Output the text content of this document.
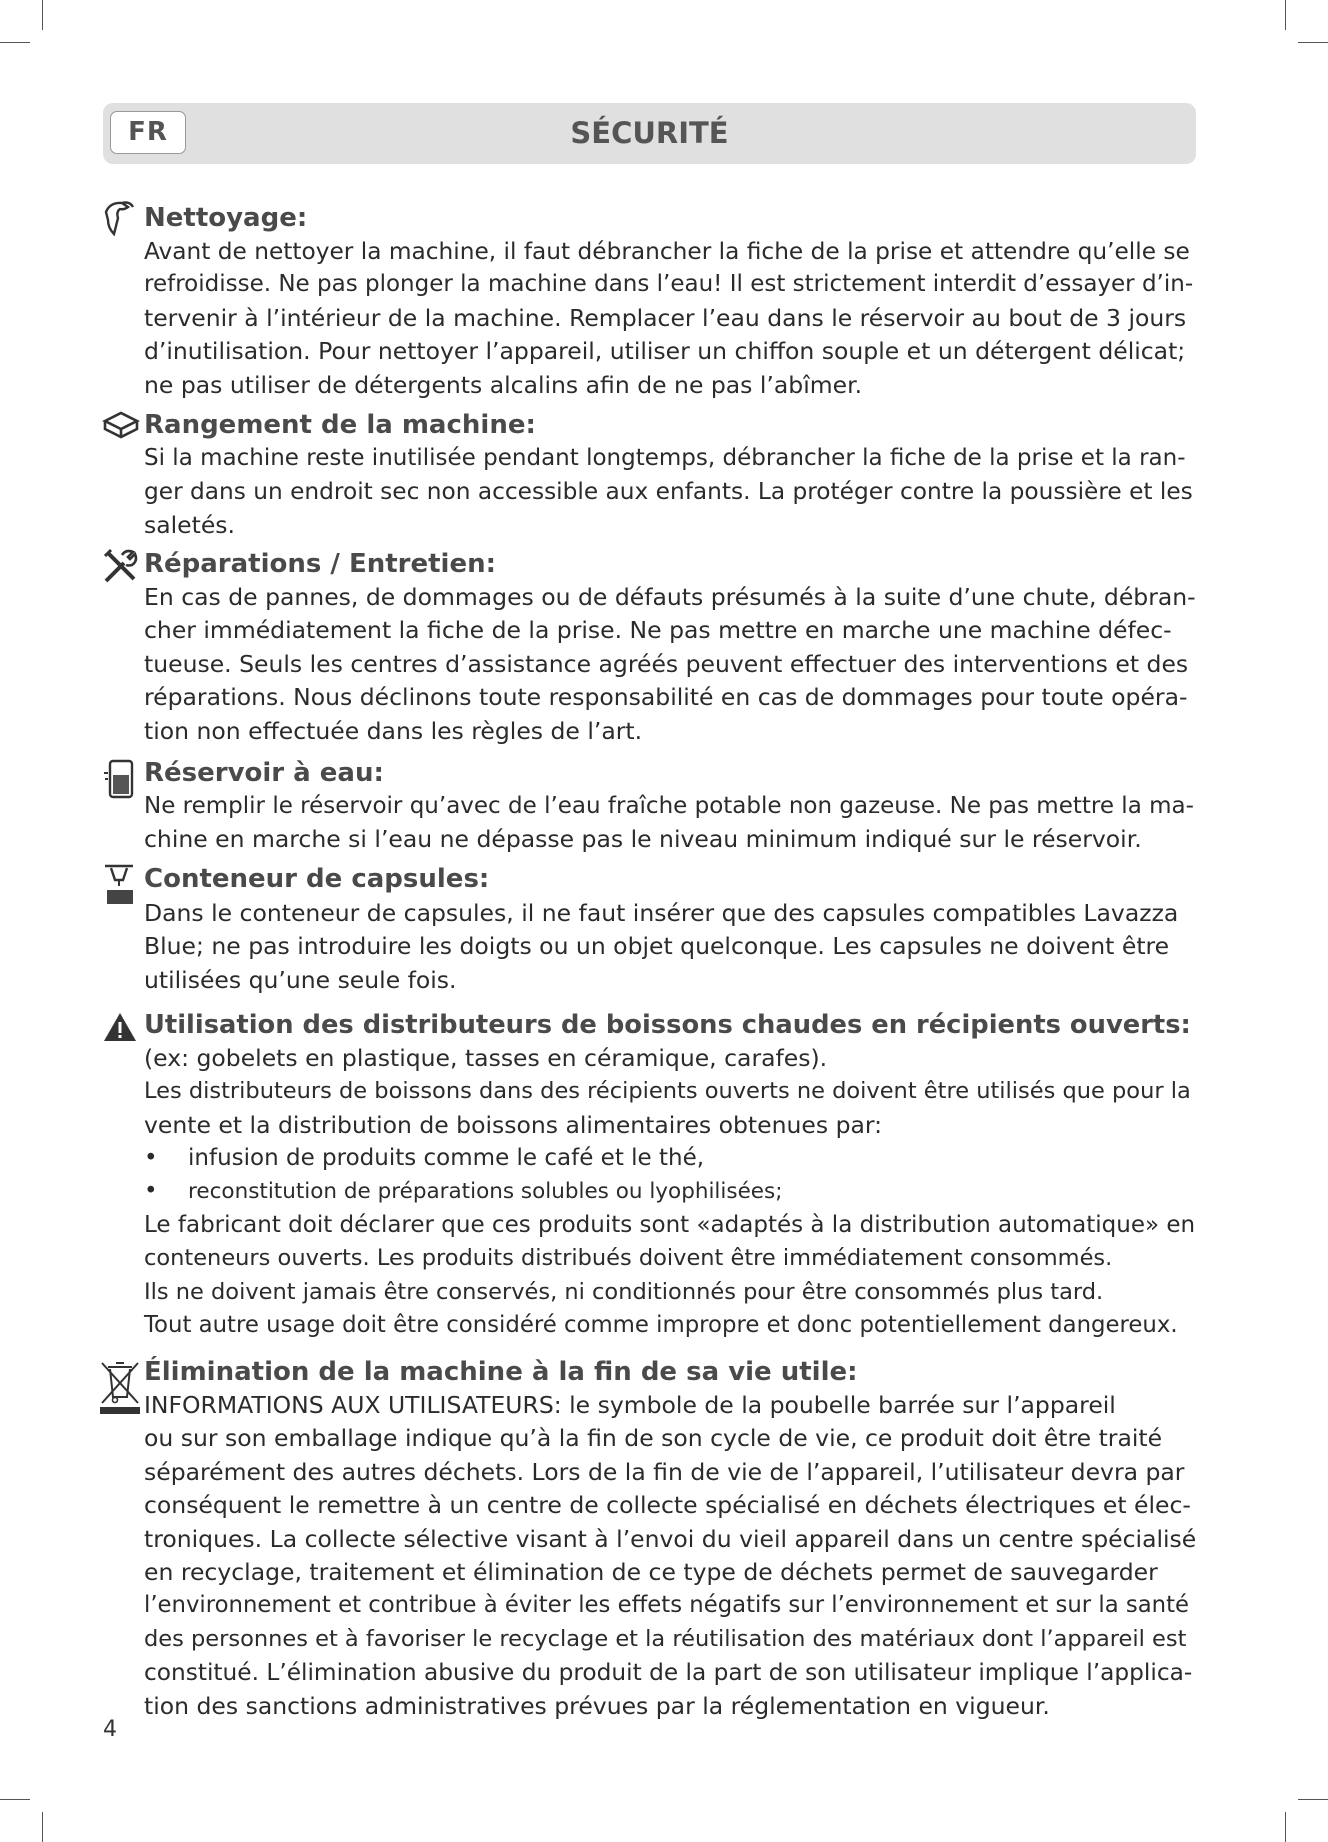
SÉCURITÉ
FR
Nettoyage:
Avant de nettoyer la machine, il faut débrancher la fiche de la prise et attendre qu’elle se
refroidisse. Ne pas plonger la machine dans l’eau! Il est strictement interdit d’essayer d’in-
tervenir à l’intérieur de la machine. Remplacer l’eau dans le réservoir au bout de 3 jours
d’inutilisation. Pour nettoyer l’appareil, utiliser un chiffon souple et un détergent délicat;
ne pas utiliser de détergents alcalins afin de ne pas l’abîmer.
Rangement de la machine:
Si la machine reste inutilisée pendant longtemps, débrancher la fiche de la prise et la ran-
ger dans un endroit sec non accessible aux enfants. La protéger contre la poussière et les
saletés.
Réparations / Entretien:
En cas de pannes, de dommages ou de défauts présumés à la suite d’une chute, débran-
cher immédiatement la fiche de la prise. Ne pas mettre en marche une machine défec-
tueuse. Seuls les centres d’assistance agréés peuvent effectuer des interventions et des
réparations. Nous déclinons toute responsabilité en cas de dommages pour toute opéra-
tion non effectuée dans les règles de l’art.
Réservoir à eau:
Ne remplir le réservoir qu’avec de l’eau fraîche potable non gazeuse. Ne pas mettre la ma-
chine en marche si l’eau ne dépasse pas le niveau minimum indiqué sur le réservoir.
Conteneur de capsules:
Dans le conteneur de capsules, il ne faut insérer que des capsules compatibles Lavazza
Blue; ne pas introduire les doigts ou un objet quelconque. Les capsules ne doivent être
utilisées qu’une seule fois.
Utilisation des distributeurs de boissons chaudes en récipients ouverts:
(ex: gobelets en plastique, tasses en céramique, carafes).
Les distributeurs de boissons dans des récipients ouverts ne doivent être utilisés que pour la
vente et la distribution de boissons alimentaires obtenues par:
• infusion de produits comme le café et le thé,
• reconstitution de préparations solubles ou lyophilisées;
Le fabricant doit déclarer que ces produits sont «adaptés à la distribution automatique» en
conteneurs ouverts. Les produits distribués doivent être immédiatement consommés.
Ils ne doivent jamais être conservés, ni conditionnés pour être consommés plus tard.
Tout autre usage doit être considéré comme impropre et donc potentiellement dangereux.
Élimination de la machine à la fin de sa vie utile:
INFORMATIONS AUX UTILISATEURS: le symbole de la poubelle barrée sur l’appareil
ou sur son emballage indique qu’à la fin de son cycle de vie, ce produit doit être traité
séparément des autres déchets. Lors de la fin de vie de l’appareil, l’utilisateur devra par
conséquent le remettre à un centre de collecte spécialisé en déchets électriques et élec-
troniques. La collecte sélective visant à l’envoi du vieil appareil dans un centre spécialisé
en recyclage, traitement et élimination de ce type de déchets permet de sauvegarder
l’environnement et contribue à éviter les effets négatifs sur l’environnement et sur la santé
des personnes et à favoriser le recyclage et la réutilisation des matériaux dont l’appareil est
constitué. L’élimination abusive du produit de la part de son utilisateur implique l’applica-
tion des sanctions administratives prévues par la réglementation en vigueur.
4
